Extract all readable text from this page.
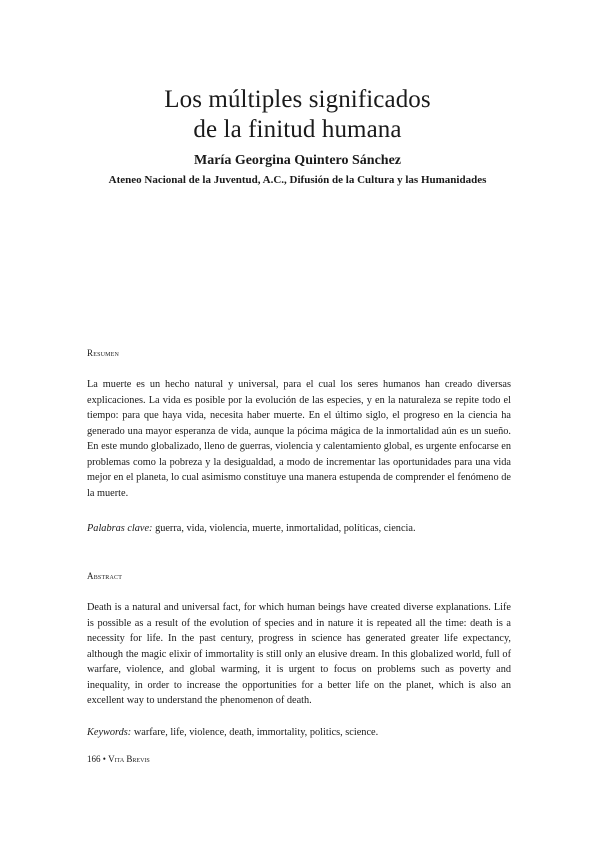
Los múltiples significados
de la finitud humana
María Georgina Quintero Sánchez
Ateneo Nacional de la Juventud, A.C., Difusión de la Cultura y las Humanidades
Resumen
La muerte es un hecho natural y universal, para el cual los seres humanos han creado diversas explicaciones. La vida es posible por la evolución de las especies, y en la naturaleza se repite todo el tiempo: para que haya vida, necesita haber muerte. En el último siglo, el progreso en la ciencia ha generado una mayor esperanza de vida, aunque la pócima mágica de la inmortalidad aún es un sueño. En este mundo globalizado, lleno de guerras, violencia y calentamiento global, es urgente enfocarse en problemas como la pobreza y la desigualdad, a modo de incrementar las oportunidades para una vida mejor en el planeta, lo cual asimismo constituye una manera estupenda de comprender el fenómeno de la muerte.
Palabras clave: guerra, vida, violencia, muerte, inmortalidad, políticas, ciencia.
Abstract
Death is a natural and universal fact, for which human beings have created diverse explanations. Life is possible as a result of the evolution of species and in nature it is repeated all the time: death is a necessity for life. In the past century, progress in science has generated greater life expectancy, although the magic elixir of immortality is still only an elusive dream. In this globalized world, full of warfare, violence, and global warming, it is urgent to focus on problems such as poverty and inequality, in order to increase the opportunities for a better life on the planet, which is also an excellent way to understand the phenomenon of death.
Keywords: warfare, life, violence, death, immortality, politics, science.
166 • Vita Brevis
